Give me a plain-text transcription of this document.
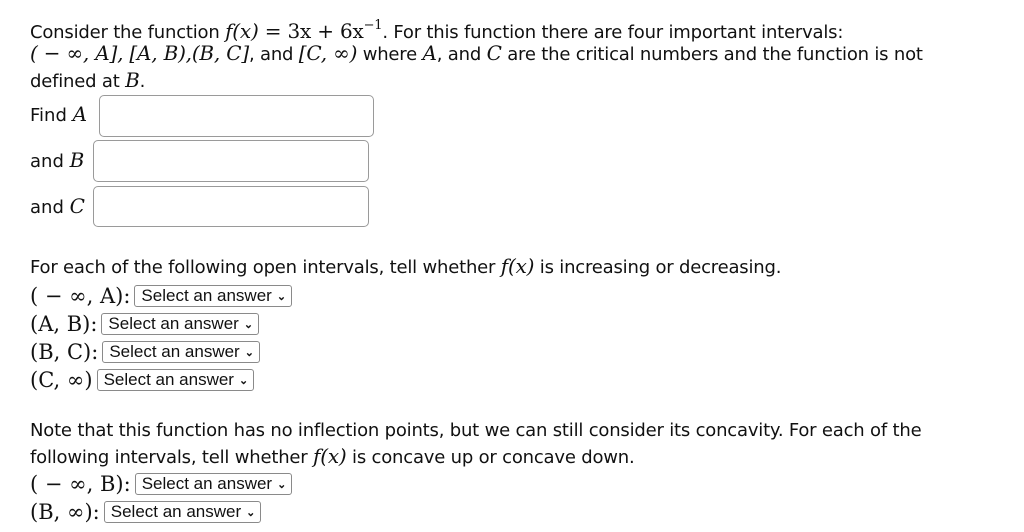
Consider the function $f(x) = 3x + 6x^{-1}$. For this function there are four important intervals:
( − ∞, A], [A, B),(B, C], and [C, ∞) where A, and C are the critical numbers and the function is not
defined at B.
Find A
and B
and C
For each of the following open intervals, tell whether f(x) is increasing or decreasing.
( − ∞, A): Select an answer ⌄
(A, B): Select an answer ⌄
(B, C): Select an answer ⌄
(C, ∞) Select an answer ⌄
Note that this function has no inflection points, but we can still consider its concavity. For each of the
following intervals, tell whether f(x) is concave up or concave down.
( − ∞, B): Select an answer ⌄
(B, ∞): Select an answer ⌄
